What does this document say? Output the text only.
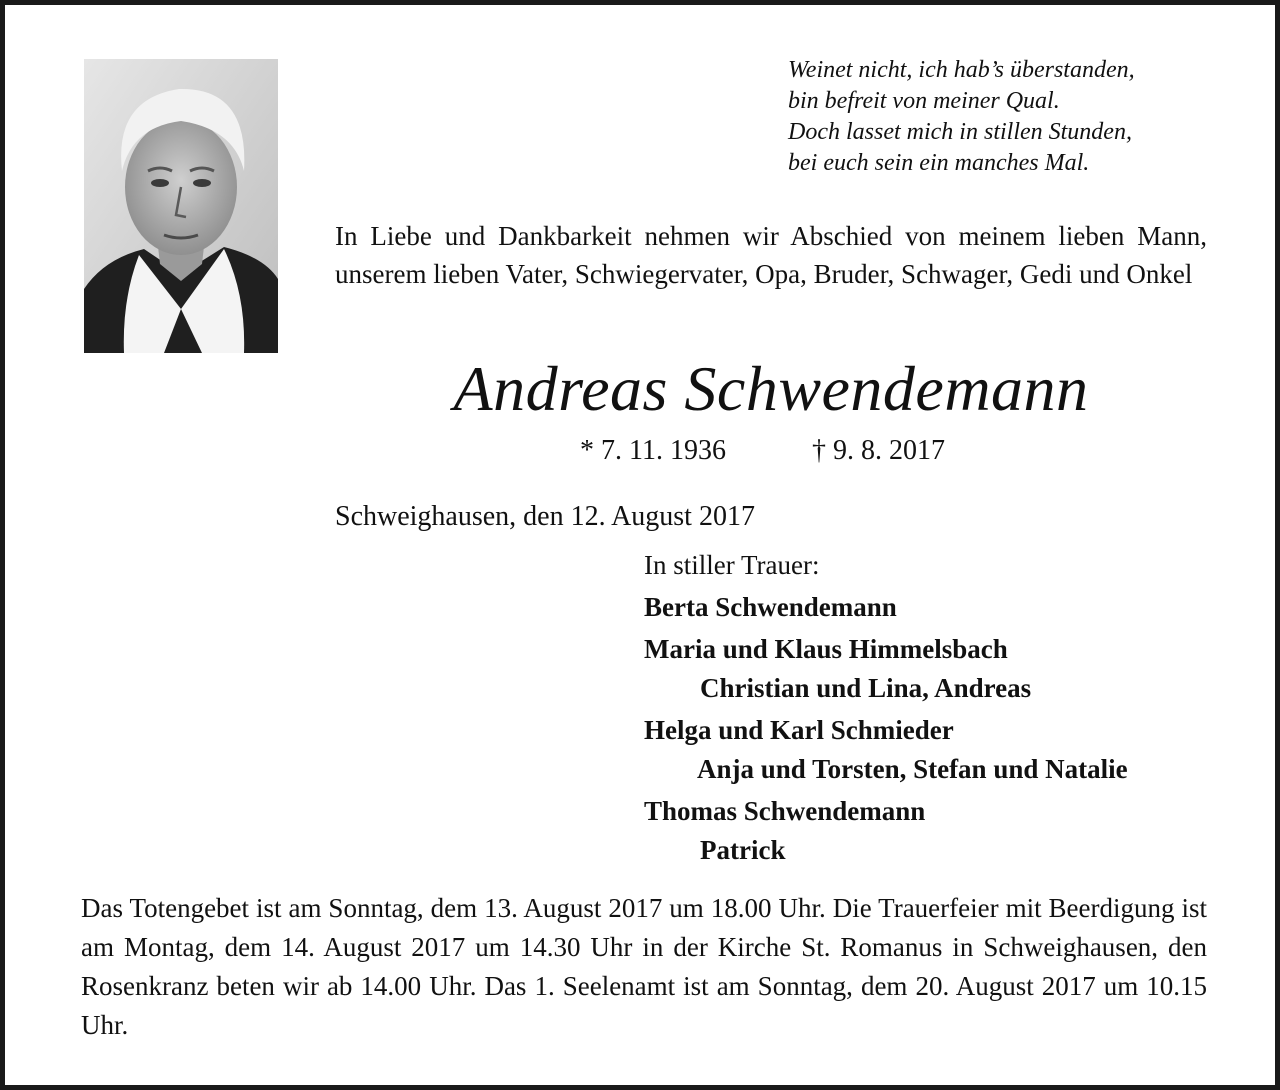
Weinet nicht, ich hab’s überstanden,
bin befreit von meiner Qual.
Doch lasset mich in stillen Stunden,
bei euch sein ein manches Mal.
In Liebe und Dankbarkeit nehmen wir Abschied von meinem lieben Mann, unserem lieben Vater, Schwiegervater, Opa, Bruder, Schwager, Gedi und Onkel
Andreas Schwendemann
* 7. 11. 1936	† 9. 8. 2017
Schweighausen, den 12. August 2017
In stiller Trauer:
Berta Schwendemann
Maria und Klaus Himmelsbach
Christian und Lina, Andreas
Helga und Karl Schmieder
Anja und Torsten, Stefan und Natalie
Thomas Schwendemann
Patrick
Das Totengebet ist am Sonntag, dem 13. August 2017 um 18.00 Uhr. Die Trauerfeier mit Beerdigung ist am Montag, dem 14. August 2017 um 14.30 Uhr in der Kirche St. Romanus in Schweighausen, den Rosenkranz beten wir ab 14.00 Uhr. Das 1. Seelenamt ist am Sonntag, dem 20. August 2017 um 10.15 Uhr.
